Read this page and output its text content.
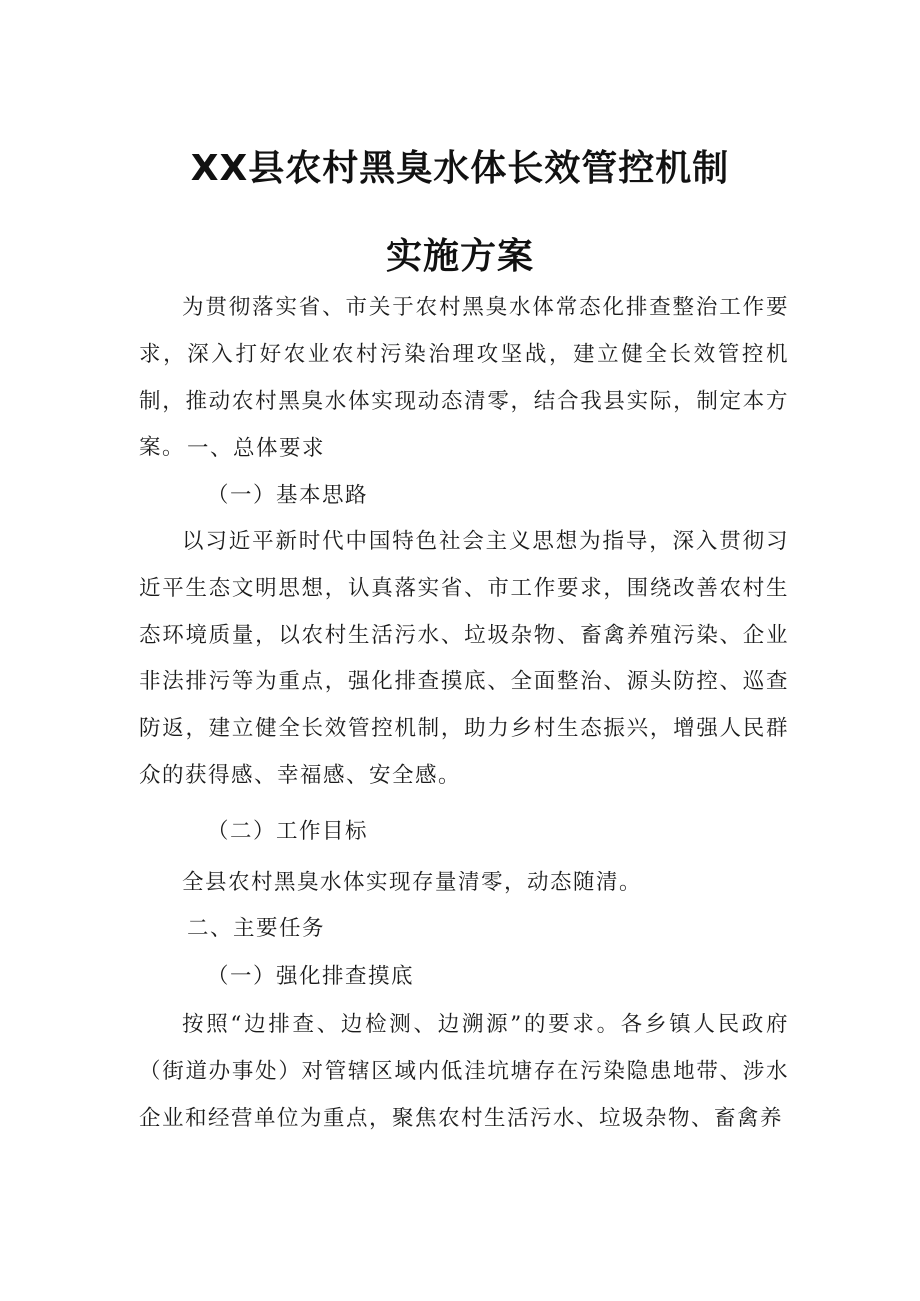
XX县农村黑臭水体长效管控机制
实施方案

为贯彻落实省、市关于农村黑臭水体常态化排查整治工作要求，深入打好农业农村污染治理攻坚战，建立健全长效管控机制，推动农村黑臭水体实现动态清零，结合我县实际，制定本方案。 一、总体要求

（一）基本思路

以习近平新时代中国特色社会主义思想为指导，深入贯彻习近平生态文明思想，认真落实省、市工作要求，围绕改善农村生态环境质量，以农村生活污水、垃圾杂物、畜禽养殖污染、企业非法排污等为重点，强化排查摸底、全面整治、源头防控、巡查防返，建立健全长效管控机制，助力乡村生态振兴，增强人民群众的获得感、幸福感、安全感。

（二）工作目标

全县农村黑臭水体实现存量清零，动态随清。

二、主要任务

（一）强化排查摸底

按照“边排查、边检测、边溯源”的要求。各乡镇人民政府（街道办事处）对管辖区域内低洼坑塘存在污染隐患地带、涉水企业和经营单位为重点，聚焦农村生活污水、垃圾杂物、畜禽养
